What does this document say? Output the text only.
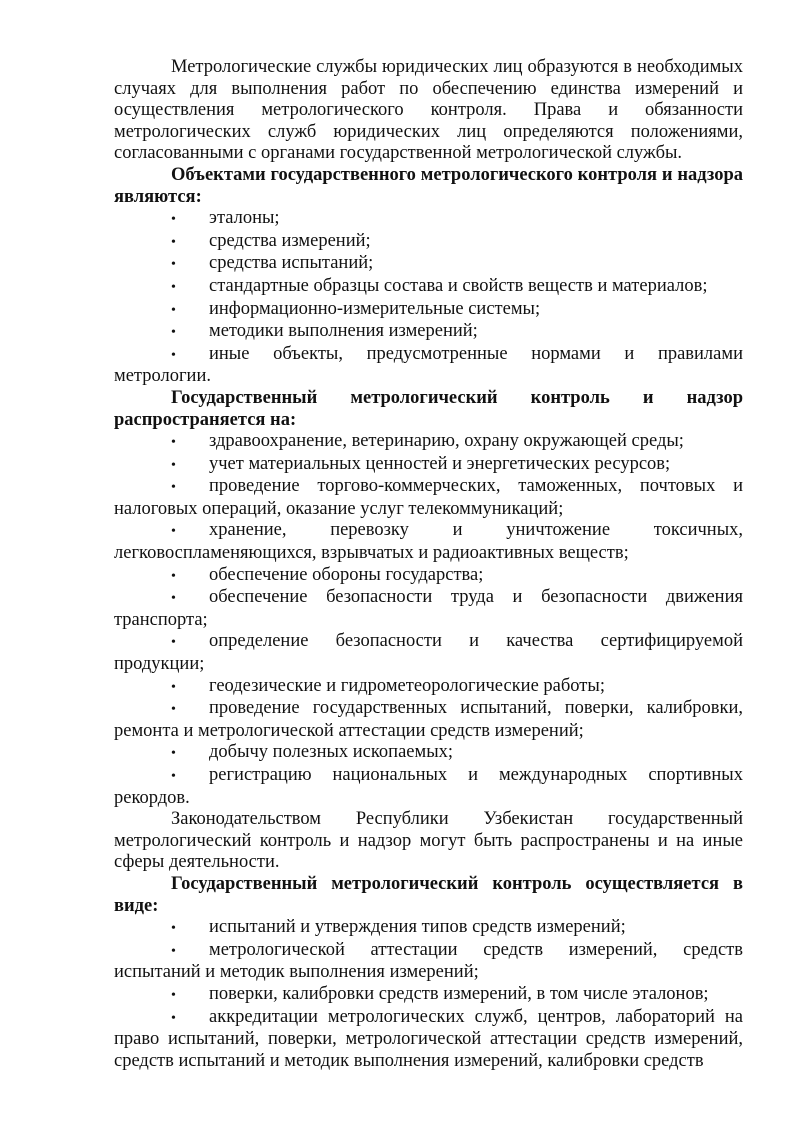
Метрологические службы юридических лиц образуются в необходимых случаях для выполнения работ по обеспечению единства измерений и осуществления метрологического контроля. Права и обязанности метрологических служб юридических лиц определяются положениями, согласованными с органами государственной метрологической службы.

Объектами государственного метрологического контроля и надзора являются:

• эталоны;

• средства измерений;

• средства испытаний;

• стандартные образцы состава и свойств веществ и материалов;

• информационно-измерительные системы;

• методики выполнения измерений;

• иные объекты, предусмотренные нормами и правилами метрологии.

Государственный метрологический контроль и надзор распространяется на:

• здравоохранение, ветеринарию, охрану окружающей среды;

• учет материальных ценностей и энергетических ресурсов;

• проведение торгово-коммерческих, таможенных, почтовых и налоговых операций, оказание услуг телекоммуникаций;

• хранение, перевозку и уничтожение токсичных, легковоспламеняющихся, взрывчатых и радиоактивных веществ;

• обеспечение обороны государства;

• обеспечение безопасности труда и безопасности движения транспорта;

• определение безопасности и качества сертифицируемой продукции;

• геодезические и гидрометеорологические работы;

• проведение государственных испытаний, поверки, калибровки, ремонта и метрологической аттестации средств измерений;

• добычу полезных ископаемых;

• регистрацию национальных и международных спортивных рекордов.

Законодательством Республики Узбекистан государственный метрологический контроль и надзор могут быть распространены и на иные сферы деятельности.

Государственный метрологический контроль осуществляется в виде:

• испытаний и утверждения типов средств измерений;

• метрологической аттестации средств измерений, средств испытаний и методик выполнения измерений;

• поверки, калибровки средств измерений, в том числе эталонов;

• аккредитации метрологических служб, центров, лабораторий на право испытаний, поверки, метрологической аттестации средств измерений, средств испытаний и методик выполнения измерений, калибровки средств
